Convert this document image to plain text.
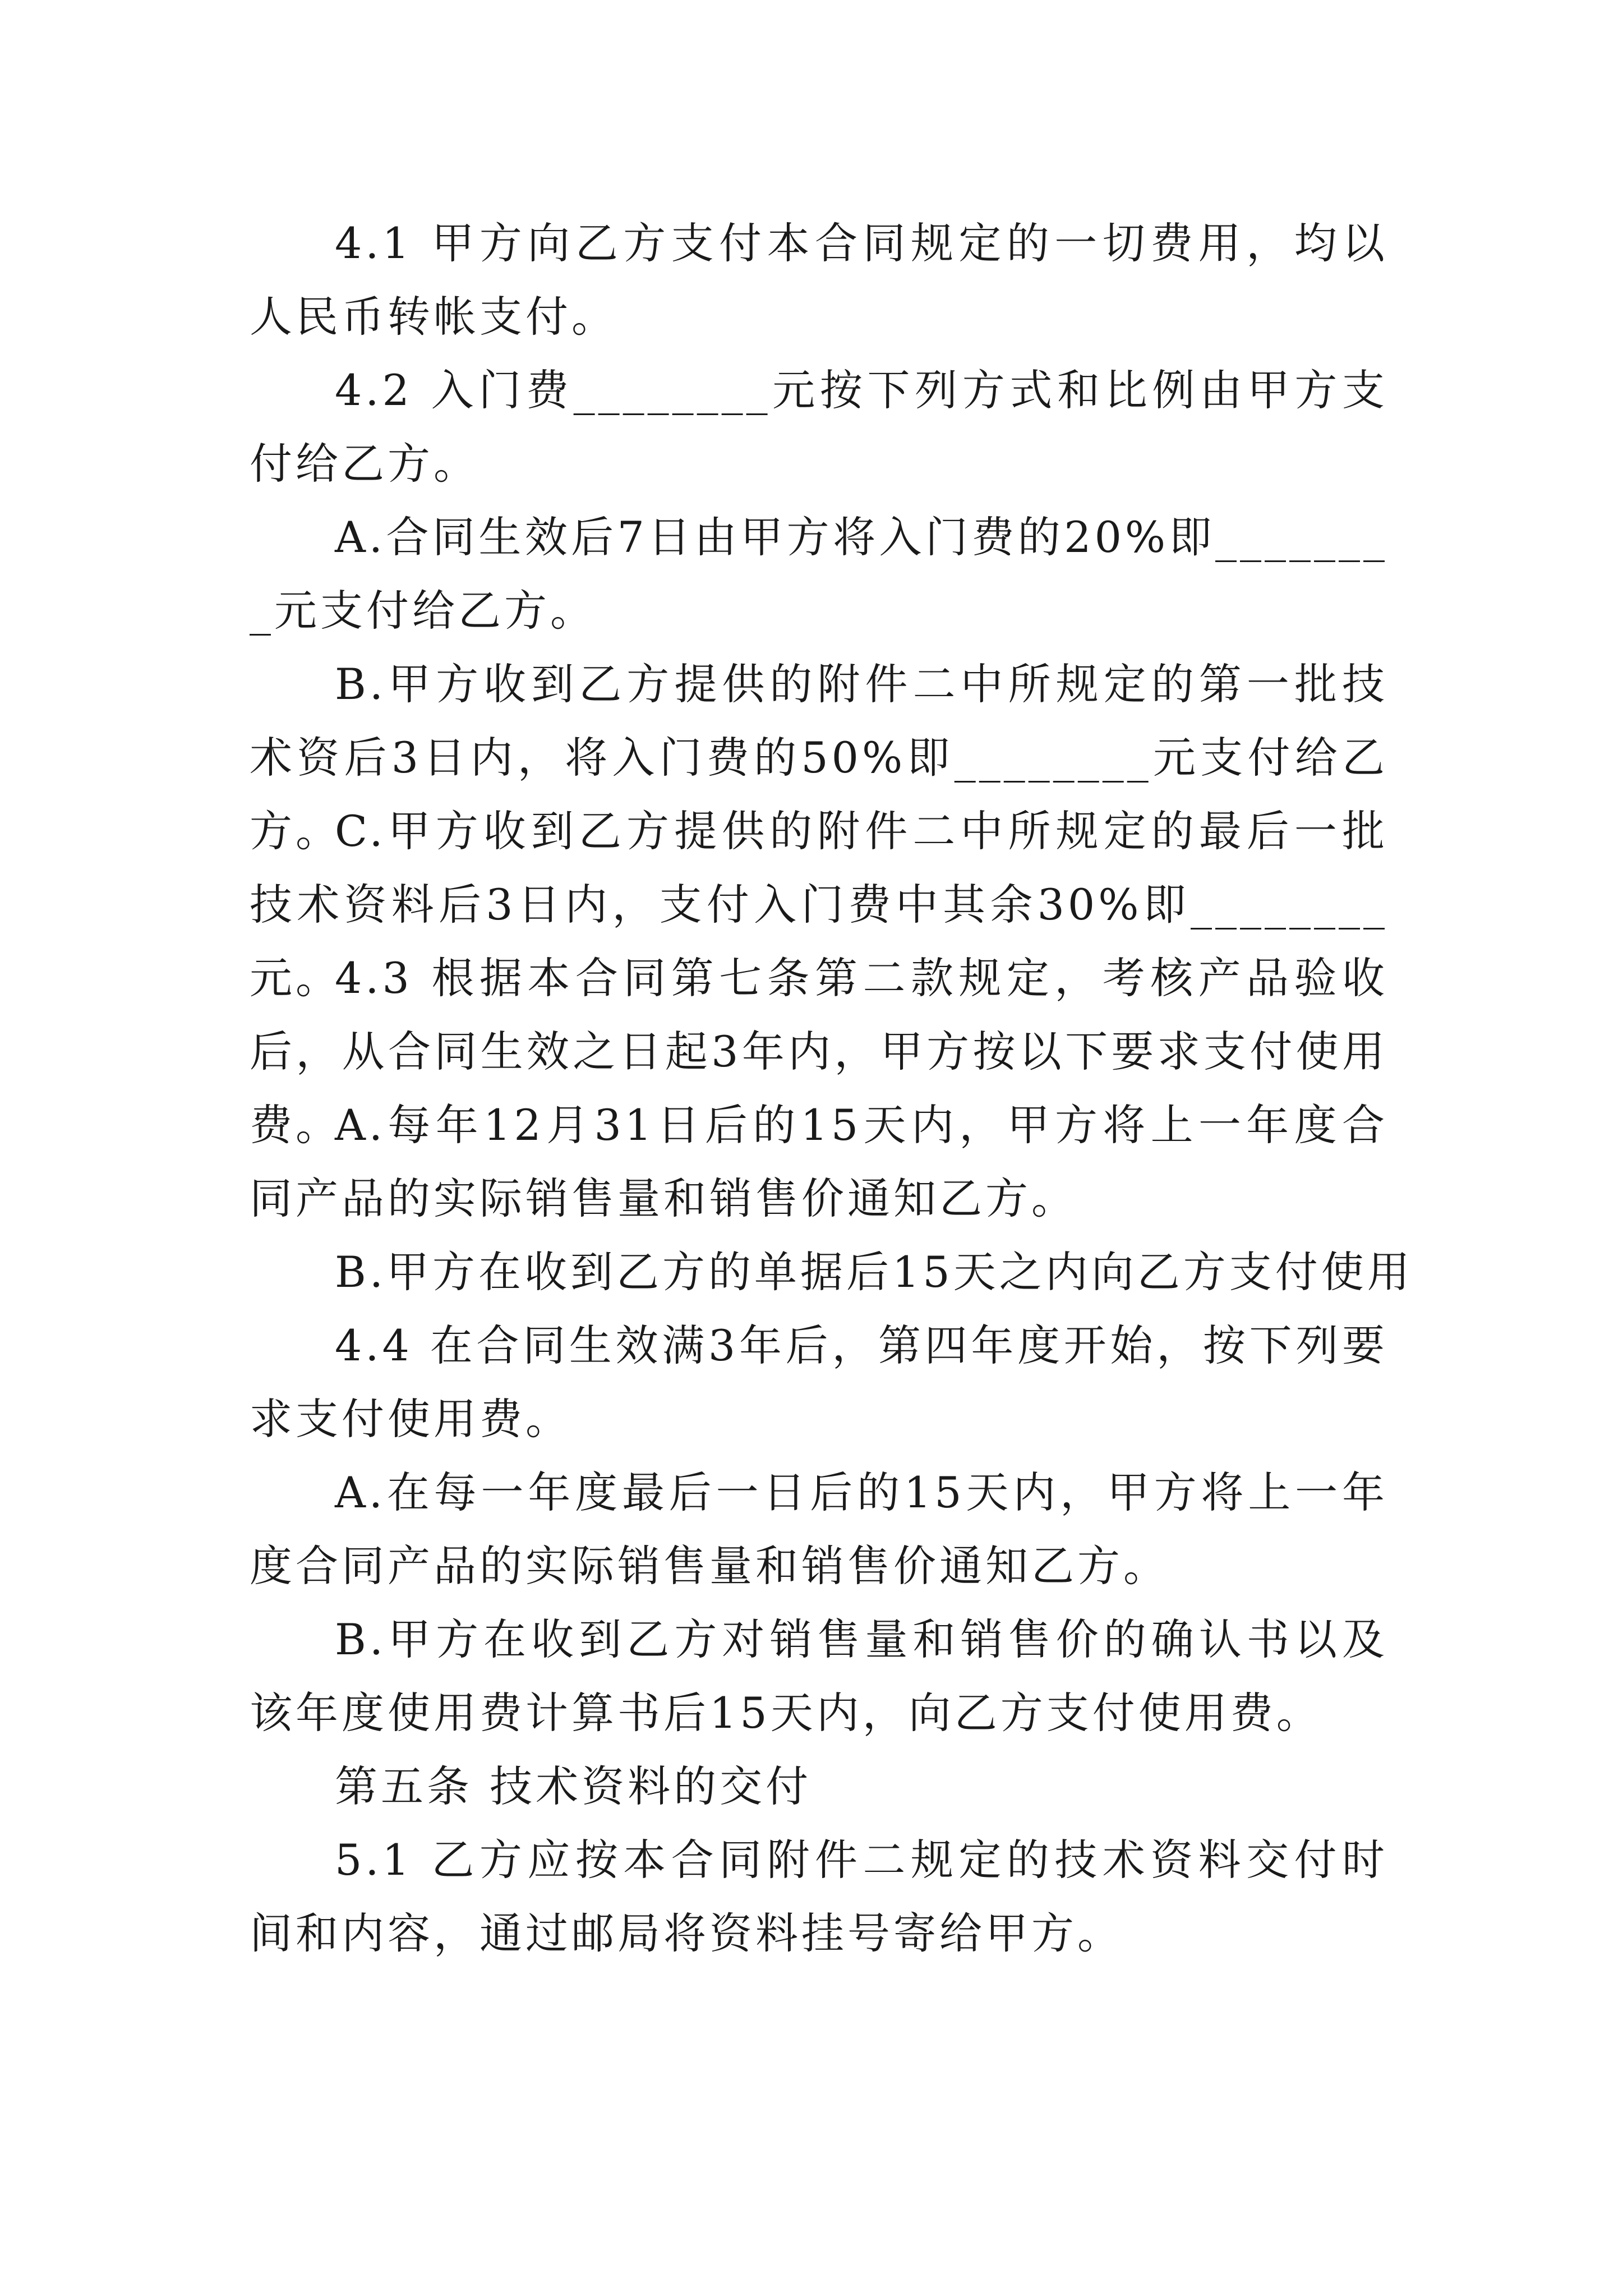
4.1 甲方向乙方支付本合同规定的一切费用，均以人民币转帐支付。

4.2 入门费________元按下列方式和比例由甲方支付给乙方。

A.合同生效后7日由甲方将入门费的20%即________元支付给乙方。

B.甲方收到乙方提供的附件二中所规定的第一批技术资后3日内，将入门费的50%即________元支付给乙方。

C.甲方收到乙方提供的附件二中所规定的最后一批技术资料后3日内，支付入门费中其余30%即________元。

4.3 根据本合同第七条第二款规定，考核产品验收后，从合同生效之日起3年内，甲方按以下要求支付使用费。

A.每年12月31日后的15天内，甲方将上一年度合同产品的实际销售量和销售价通知乙方。

B.甲方在收到乙方的单据后15天之内向乙方支付使用

4.4 在合同生效满3年后，第四年度开始，按下列要求支付使用费。

A.在每一年度最后一日后的15天内，甲方将上一年度合同产品的实际销售量和销售价通知乙方。

B.甲方在收到乙方对销售量和销售价的确认书以及该年度使用费计算书后15天内，向乙方支付使用费。

第五条 技术资料的交付

5.1 乙方应按本合同附件二规定的技术资料交付时间和内容，通过邮局将资料挂号寄给甲方。
